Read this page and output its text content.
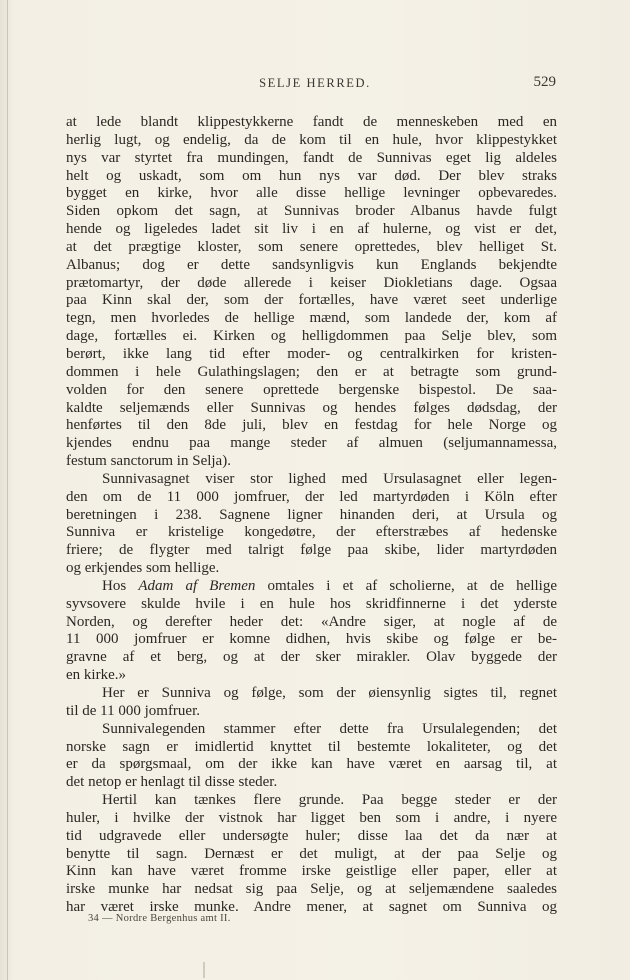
SELJE HERRED.	529
at lede blandt klippestykkerne fandt de menneskeben med en
herlig lugt, og endelig, da de kom til en hule, hvor klippestykket
nys var styrtet fra mundingen, fandt de Sunnivas eget lig aldeles
helt og uskadt, som om hun nys var død. Der blev straks
bygget en kirke, hvor alle disse hellige levninger opbevaredes.
Siden opkom det sagn, at Sunnivas broder Albanus havde fulgt
hende og ligeledes ladet sit liv i en af hulerne, og vist er det,
at det prægtige kloster, som senere oprettedes, blev helliget St.
Albanus; dog er dette sandsynligvis kun Englands bekjendte
prætomartyr, der døde allerede i keiser Diokletians dage. Ogsaa
paa Kinn skal der, som der fortælles, have været seet underlige
tegn, men hvorledes de hellige mænd, som landede der, kom af
dage, fortælles ei. Kirken og helligdommen paa Selje blev, som
berørt, ikke lang tid efter moder- og centralkirken for kristen-
dommen i hele Gulathingslagen; den er at betragte som grund-
volden for den senere oprettede bergenske bispestol. De saa-
kaldte seljemænds eller Sunnivas og hendes følges dødsdag, der
henførtes til den 8de juli, blev en festdag for hele Norge og
kjendes endnu paa mange steder af almuen (seljumannamessa,
festum sanctorum in Selja).
Sunnivasagnet viser stor lighed med Ursulasagnet eller legen-
den om de 11 000 jomfruer, der led martyrdøden i Köln efter
beretningen i 238. Sagnene ligner hinanden deri, at Ursula og
Sunniva er kristelige kongedøtre, der efterstræbes af hedenske
friere; de flygter med talrigt følge paa skibe, lider martyrdøden
og erkjendes som hellige.
Hos Adam af Bremen omtales i et af scholierne, at de hellige
syvsovere skulde hvile i en hule hos skridfinnerne i det yderste
Norden, og derefter heder det: «Andre siger, at nogle af de
11 000 jomfruer er komne didhen, hvis skibe og følge er be-
gravne af et berg, og at der sker mirakler. Olav byggede der
en kirke.»
Her er Sunniva og følge, som der øiensynlig sigtes til, regnet
til de 11 000 jomfruer.
Sunnivalegenden stammer efter dette fra Ursulalegenden; det
norske sagn er imidlertid knyttet til bestemte lokaliteter, og det
er da spørgsmaal, om der ikke kan have været en aarsag til, at
det netop er henlagt til disse steder.
Hertil kan tænkes flere grunde. Paa begge steder er der
huler, i hvilke der vistnok har ligget ben som i andre, i nyere
tid udgravede eller undersøgte huler; disse laa det da nær at
benytte til sagn. Dernæst er det muligt, at der paa Selje og
Kinn kan have været fromme irske geistlige eller paper, eller at
irske munke har nedsat sig paa Selje, og at seljemændene saaledes
har været irske munke. Andre mener, at sagnet om Sunniva og
34 — Nordre Bergenhus amt II.
